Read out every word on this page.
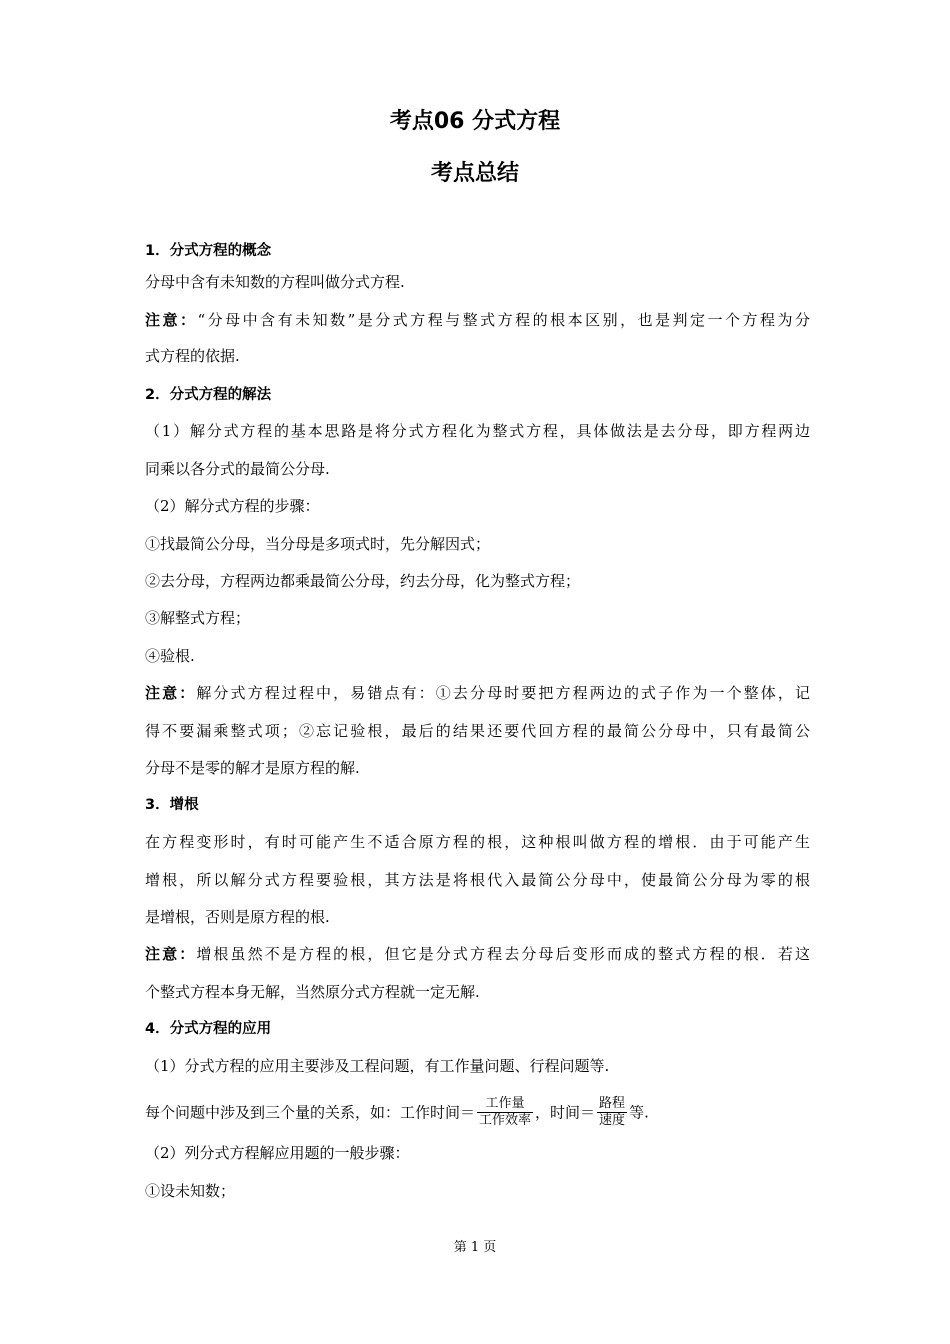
考点06 分式方程
考点总结
1．分式方程的概念
分母中含有未知数的方程叫做分式方程.
注意：“分母中含有未知数”是分式方程与整式方程的根本区别，也是判定一个方程为分
式方程的依据.
2．分式方程的解法
（1）解分式方程的基本思路是将分式方程化为整式方程，具体做法是去分母，即方程两边
同乘以各分式的最简公分母.
（2）解分式方程的步骤：
①找最简公分母，当分母是多项式时，先分解因式；
②去分母，方程两边都乘最简公分母，约去分母，化为整式方程；
③解整式方程；
④验根.
注意：解分式方程过程中，易错点有：①去分母时要把方程两边的式子作为一个整体，记
得不要漏乘整式项；②忘记验根，最后的结果还要代回方程的最简公分母中，只有最简公
分母不是零的解才是原方程的解.
3．增根
在方程变形时，有时可能产生不适合原方程的根，这种根叫做方程的增根．由于可能产生
增根，所以解分式方程要验根，其方法是将根代入最简公分母中，使最简公分母为零的根
是增根，否则是原方程的根.
注意：增根虽然不是方程的根，但它是分式方程去分母后变形而成的整式方程的根．若这
个整式方程本身无解，当然原分式方程就一定无解.
4．分式方程的应用
（1）分式方程的应用主要涉及工程问题，有工作量问题、行程问题等.
每个问题中涉及到三个量的关系，如：工作时间＝ $\frac{\text{工作量}}{\text{工作效率}}$ ，时间＝ $\frac{\text{路程}}{\text{速度}}$ 等.
（2）列分式方程解应用题的一般步骤：
①设未知数；
第 1 页
